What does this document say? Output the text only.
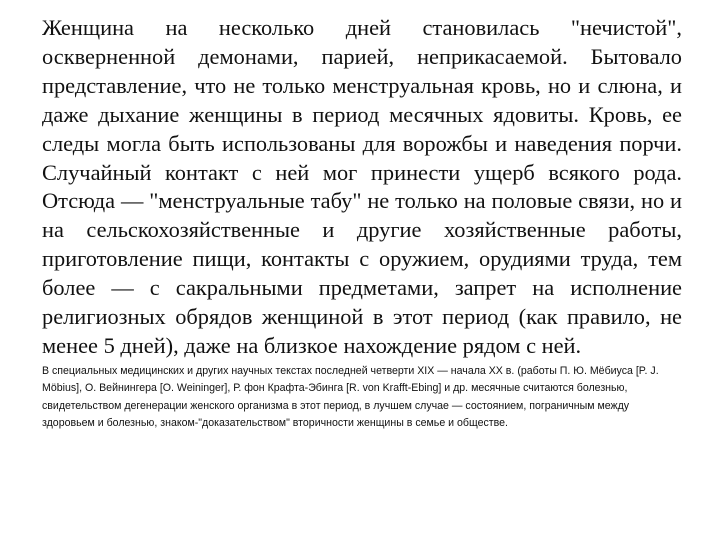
Женщина на несколько дней становилась "нечистой", оскверненной демонами, парией, неприкасаемой. Бытовало представление, что не только менструальная кровь, но и слюна, и даже дыхание женщины в период месячных ядовиты. Кровь, ее следы могла быть использованы для ворожбы и наведения порчи. Случайный контакт с ней мог принести ущерб всякого рода. Отсюда — "менструальные табу" не только на половые связи, но и на сельскохозяйственные и другие хозяйственные работы, приготовление пищи, контакты с оружием, орудиями труда, тем более — с сакральными предметами, запрет на исполнение религиозных обрядов женщиной в этот период (как правило, не менее 5 дней), даже на близкое нахождение рядом с ней.

В специальных медицинских и других научных текстах последней четверти XIX — начала XX в. (работы П. Ю. Мёбиуса [P. J. Möbius], О. Вейнингера [O. Weininger], Р. фон Крафта-Эбинга [R. von Krafft-Ebing] и др. месячные считаются болезнью, свидетельством дегенерации женского организма в этот период, в лучшем случае — состоянием, пограничным между здоровьем и болезнью, знаком-"доказательством" вторичности женщины в семье и обществе.
